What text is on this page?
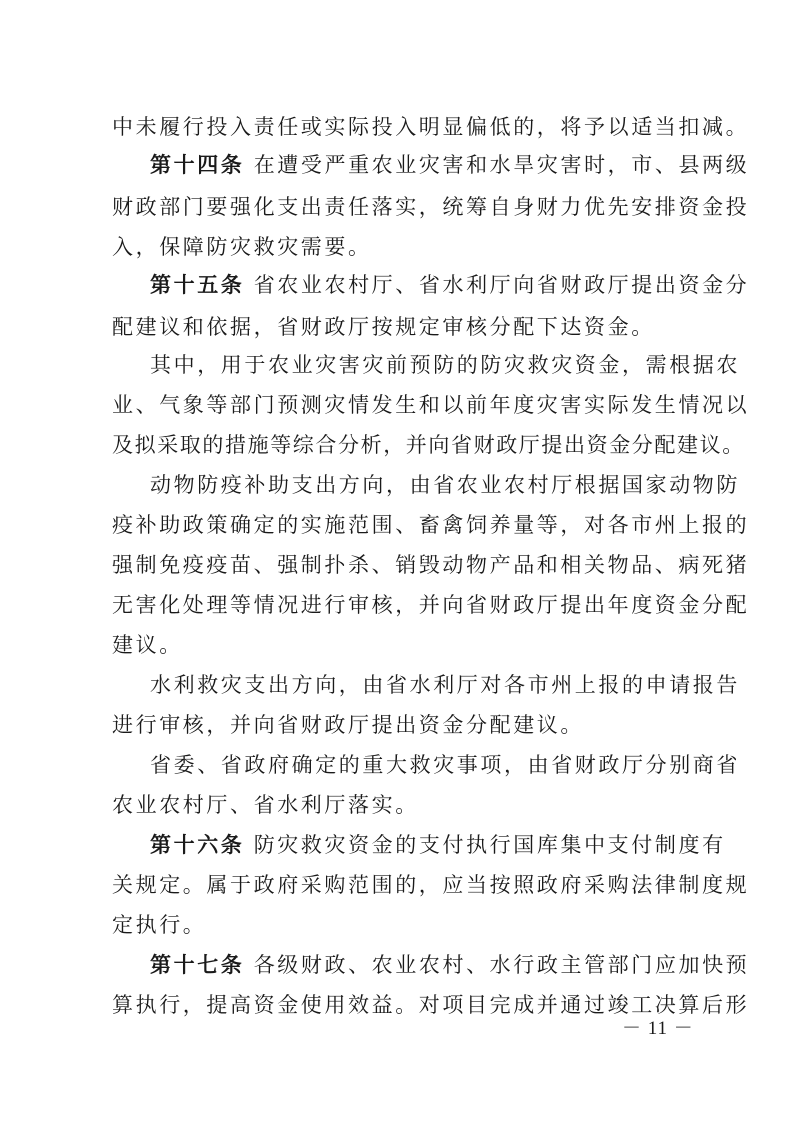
中未履行投入责任或实际投入明显偏低的，将予以适当扣减。
第十四条 在遭受严重农业灾害和水旱灾害时，市、县两级
财政部门要强化支出责任落实，统筹自身财力优先安排资金投
入，保障防灾救灾需要。
第十五条 省农业农村厅、省水利厅向省财政厅提出资金分
配建议和依据，省财政厅按规定审核分配下达资金。
其中，用于农业灾害灾前预防的防灾救灾资金，需根据农
业、气象等部门预测灾情发生和以前年度灾害实际发生情况以
及拟采取的措施等综合分析，并向省财政厅提出资金分配建议。
动物防疫补助支出方向，由省农业农村厅根据国家动物防
疫补助政策确定的实施范围、畜禽饲养量等，对各市州上报的
强制免疫疫苗、强制扑杀、销毁动物产品和相关物品、病死猪
无害化处理等情况进行审核，并向省财政厅提出年度资金分配
建议。
水利救灾支出方向，由省水利厅对各市州上报的申请报告
进行审核，并向省财政厅提出资金分配建议。
省委、省政府确定的重大救灾事项，由省财政厅分别商省
农业农村厅、省水利厅落实。
第十六条 防灾救灾资金的支付执行国库集中支付制度有
关规定。属于政府采购范围的，应当按照政府采购法律制度规
定执行。
第十七条 各级财政、农业农村、水行政主管部门应加快预
算执行，提高资金使用效益。对项目完成并通过竣工决算后形
－ 11 －
